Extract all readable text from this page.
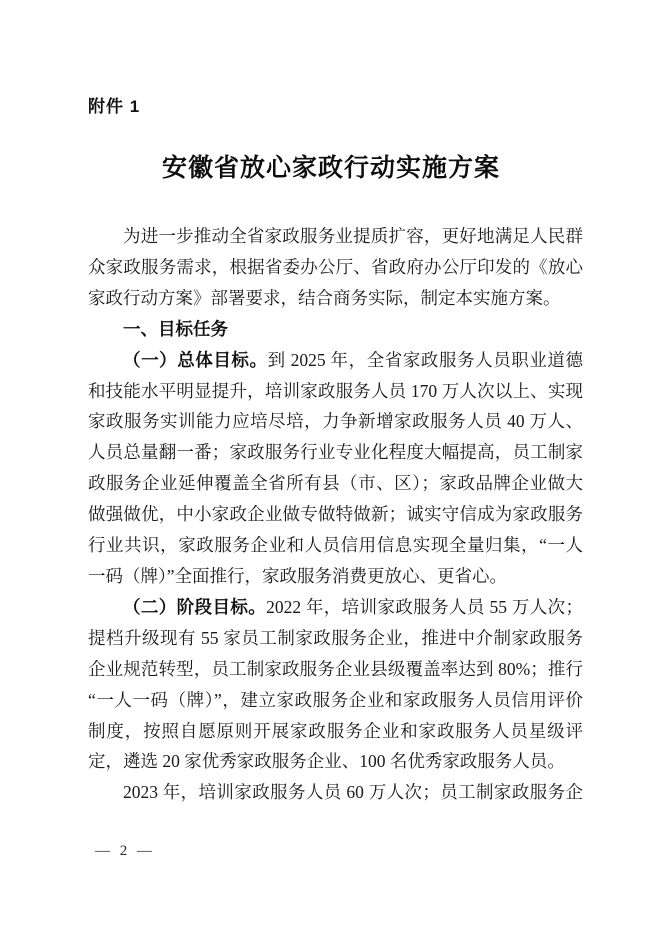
附件 1
安徽省放心家政行动实施方案
为进一步推动全省家政服务业提质扩容，更好地满足人民群
众家政服务需求，根据省委办公厅、省政府办公厅印发的《放心
家政行动方案》部署要求，结合商务实际，制定本实施方案。
一、目标任务
（一）总体目标。到 2025 年，全省家政服务人员职业道德
和技能水平明显提升，培训家政服务人员 170 万人次以上、实现
家政服务实训能力应培尽培，力争新增家政服务人员 40 万人、
人员总量翻一番；家政服务行业专业化程度大幅提高，员工制家
政服务企业延伸覆盖全省所有县（市、区）；家政品牌企业做大
做强做优，中小家政企业做专做特做新；诚实守信成为家政服务
行业共识，家政服务企业和人员信用信息实现全量归集，“一人
一码（牌）”全面推行，家政服务消费更放心、更省心。
（二）阶段目标。2022 年，培训家政服务人员 55 万人次；
提档升级现有 55 家员工制家政服务企业，推进中介制家政服务
企业规范转型，员工制家政服务企业县级覆盖率达到 80%；推行
“一人一码（牌）”，建立家政服务企业和家政服务人员信用评价
制度，按照自愿原则开展家政服务企业和家政服务人员星级评
定，遴选 20 家优秀家政服务企业、100 名优秀家政服务人员。
2023 年，培训家政服务人员 60 万人次；员工制家政服务企
— 2 —
